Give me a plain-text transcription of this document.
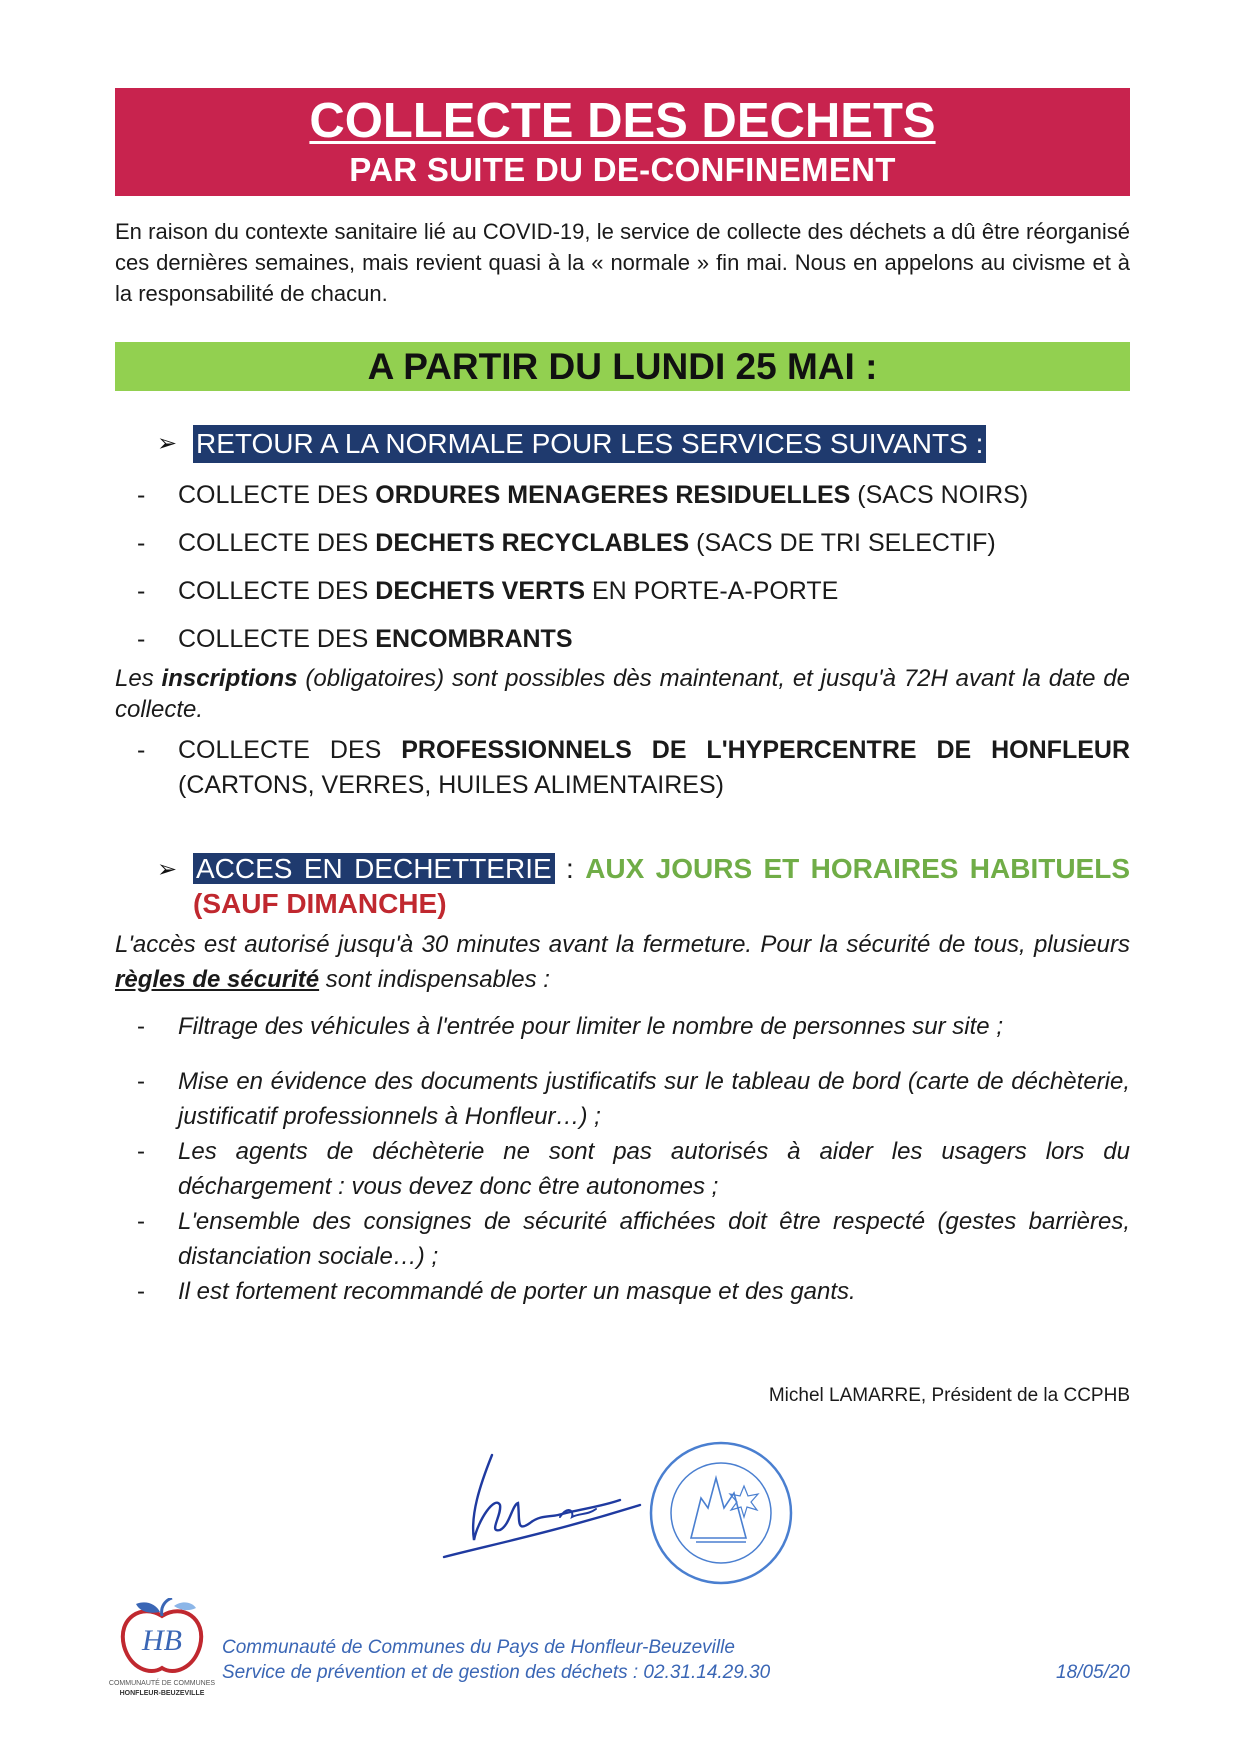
COLLECTE DES DECHETS
PAR SUITE DU DE-CONFINEMENT
En raison du contexte sanitaire lié au COVID-19, le service de collecte des déchets a dû être réorganisé ces dernières semaines, mais revient quasi à la « normale » fin mai. Nous en appelons au civisme et à la responsabilité de chacun.
A PARTIR DU LUNDI 25 MAI :
➢ RETOUR A LA NORMALE POUR LES SERVICES SUIVANTS :
- COLLECTE DES ORDURES MENAGERES RESIDUELLES (SACS NOIRS)
- COLLECTE DES DECHETS RECYCLABLES (SACS DE TRI SELECTIF)
- COLLECTE DES DECHETS VERTS EN PORTE-A-PORTE
- COLLECTE DES ENCOMBRANTS
Les inscriptions (obligatoires) sont possibles dès maintenant, et jusqu'à 72H avant la date de collecte.
- COLLECTE DES PROFESSIONNELS DE L'HYPERCENTRE DE HONFLEUR (CARTONS, VERRES, HUILES ALIMENTAIRES)
➢ ACCES EN DECHETTERIE : AUX JOURS ET HORAIRES HABITUELS (SAUF DIMANCHE)
L'accès est autorisé jusqu'à 30 minutes avant la fermeture. Pour la sécurité de tous, plusieurs règles de sécurité sont indispensables :
- Filtrage des véhicules à l'entrée pour limiter le nombre de personnes sur site ;
- Mise en évidence des documents justificatifs sur le tableau de bord (carte de déchèterie, justificatif professionnels à Honfleur…) ;
- Les agents de déchèterie ne sont pas autorisés à aider les usagers lors du déchargement : vous devez donc être autonomes ;
- L'ensemble des consignes de sécurité affichées doit être respecté (gestes barrières, distanciation sociale…) ;
- Il est fortement recommandé de porter un masque et des gants.
Michel LAMARRE, Président de la CCPHB
HB
COMMUNAUTÉ DE COMMUNES
HONFLEUR-BEUZEVILLE
Communauté de Communes du Pays de Honfleur-Beuzeville
Service de prévention et de gestion des déchets : 02.31.14.29.30	18/05/20
